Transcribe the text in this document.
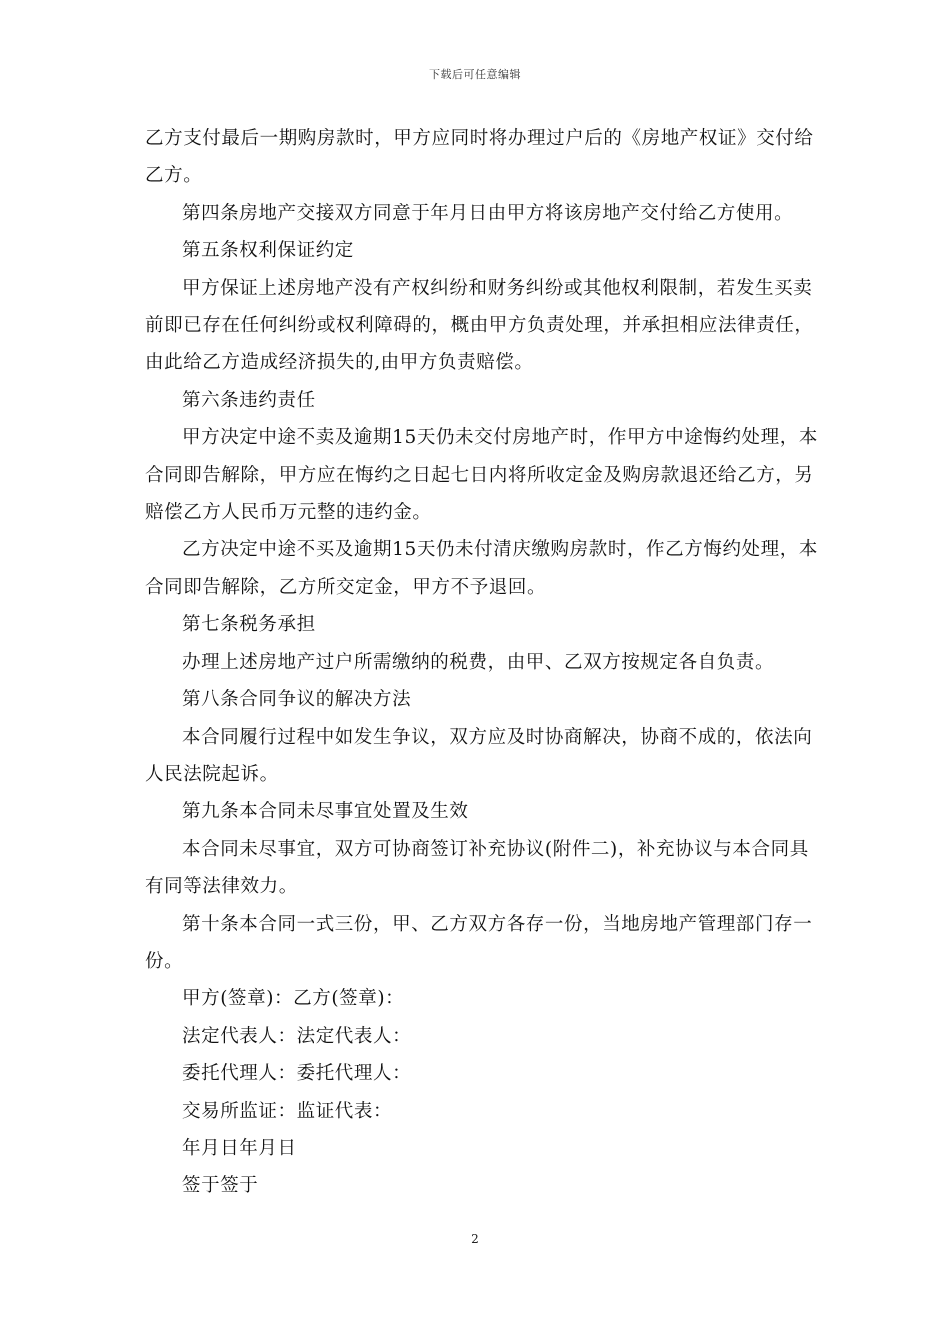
下载后可任意编辑

乙方支付最后一期购房款时，甲方应同时将办理过户后的《房地产权证》交付给乙方。

第四条房地产交接双方同意于年月日由甲方将该房地产交付给乙方使用。

第五条权利保证约定

甲方保证上述房地产没有产权纠纷和财务纠纷或其他权利限制，若发生买卖前即已存在任何纠纷或权利障碍的，概由甲方负责处理，并承担相应法律责任，由此给乙方造成经济损失的,由甲方负责赔偿。

第六条违约责任

甲方决定中途不卖及逾期15天仍未交付房地产时，作甲方中途悔约处理，本合同即告解除，甲方应在悔约之日起七日内将所收定金及购房款退还给乙方，另赔偿乙方人民币万元整的违约金。

乙方决定中途不买及逾期15天仍未付清庆缴购房款时，作乙方悔约处理，本合同即告解除，乙方所交定金，甲方不予退回。

第七条税务承担

办理上述房地产过户所需缴纳的税费，由甲、乙双方按规定各自负责。

第八条合同争议的解决方法

本合同履行过程中如发生争议，双方应及时协商解决，协商不成的，依法向人民法院起诉。

第九条本合同未尽事宜处置及生效

本合同未尽事宜，双方可协商签订补充协议(附件二)，补充协议与本合同具有同等法律效力。

第十条本合同一式三份，甲、乙方双方各存一份，当地房地产管理部门存一份。

甲方(签章)：乙方(签章)：

法定代表人：法定代表人：

委托代理人：委托代理人：

交易所监证：监证代表：

年月日年月日

签于签于

2
